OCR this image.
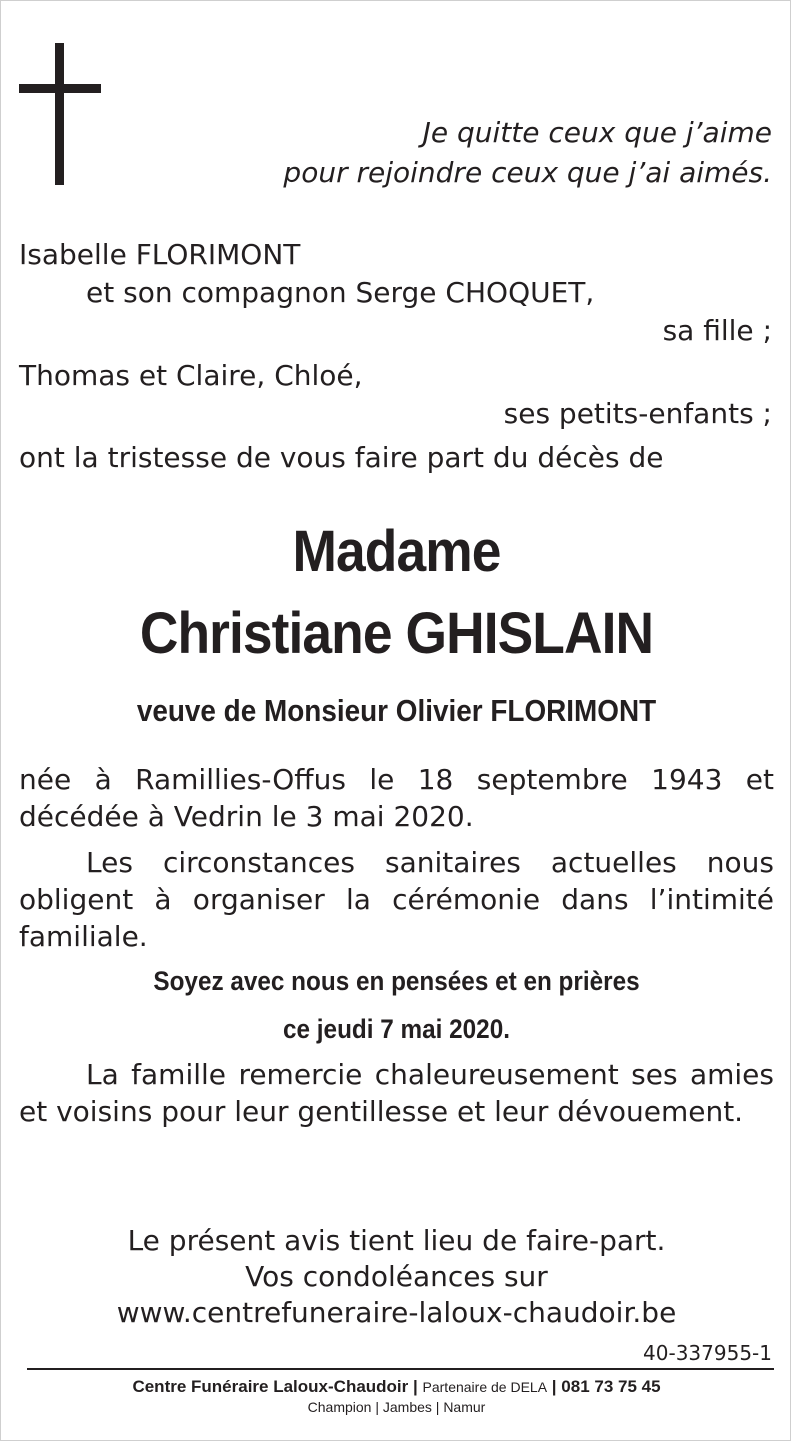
Je quitte ceux que j’aime
pour rejoindre ceux que j’ai aimés.
Isabelle FLORIMONT
et son compagnon Serge CHOQUET,
sa fille ;
Thomas et Claire, Chloé,
ses petits-enfants ;
ont la tristesse de vous faire part du décès de
Madame
Christiane GHISLAIN
veuve de Monsieur Olivier FLORIMONT
née à Ramillies-Offus le 18 septembre 1943 et décédée à Vedrin le 3 mai 2020.
Les circonstances sanitaires actuelles nous obligent à organiser la cérémonie dans l’intimité familiale.
Soyez avec nous en pensées et en prières
ce jeudi 7 mai 2020.
La famille remercie chaleureusement ses amies et voisins pour leur gentillesse et leur dévouement.
Le présent avis tient lieu de faire-part.
Vos condoléances sur
www.centrefuneraire-laloux-chaudoir.be
40-337955-1
Centre Funéraire Laloux-Chaudoir | Partenaire de DELA | 081 73 75 45
Champion | Jambes | Namur
